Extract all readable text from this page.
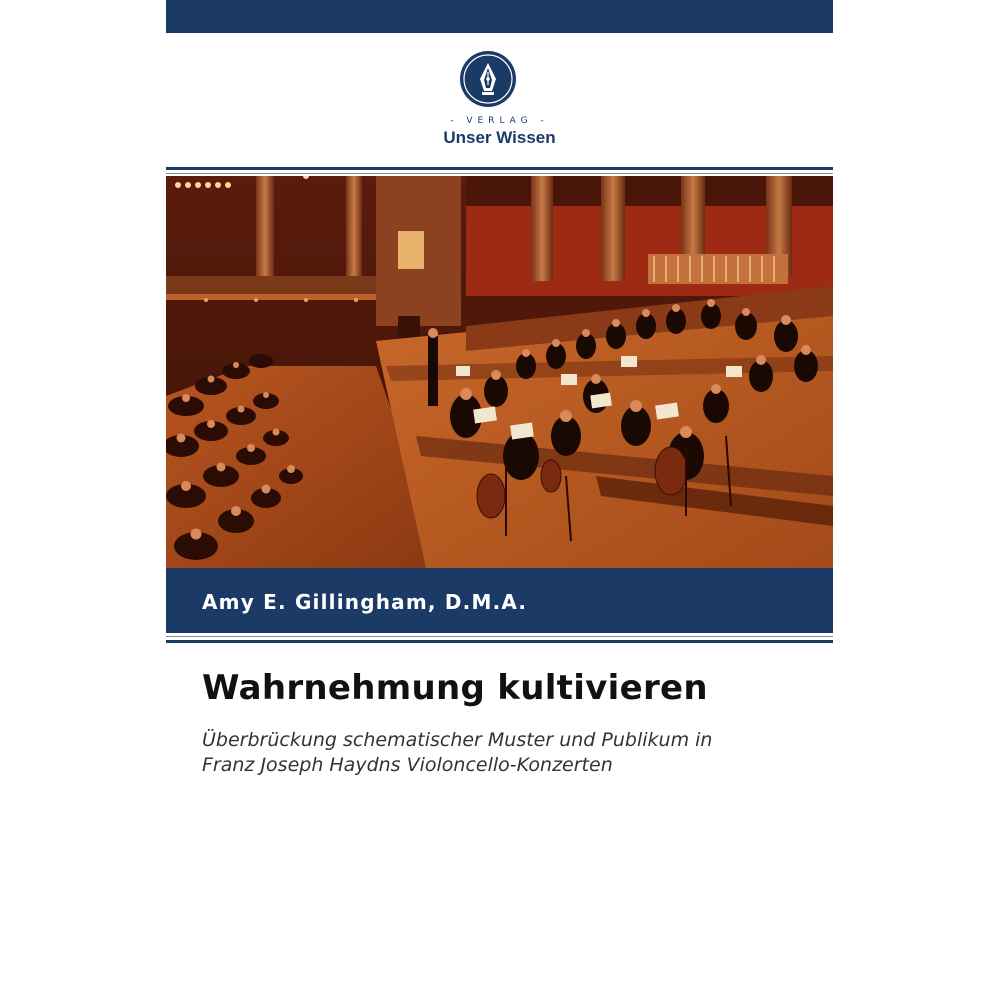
- VERLAG -
Unser Wissen
Amy E. Gillingham, D.M.A.
Wahrnehmung kultivieren
Überbrückung schematischer Muster und Publikum in
Franz Joseph Haydns Violoncello-Konzerten
